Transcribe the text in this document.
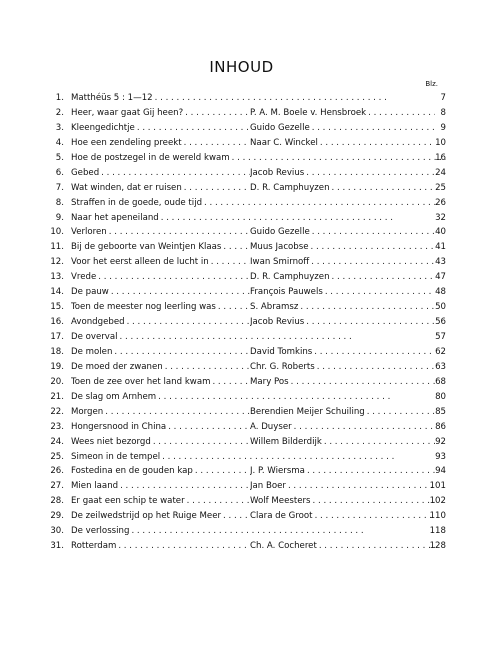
INHOUD
Blz.
1. Matthéüs 5 : 1—12 . . .	7
2. Heer, waar gaat Gij heen? . . .	P. A. M. Boele v. Hensbroek . . .	8
3. Kleengedichtje . . .	Guido Gezelle . . .	9
4. Hoe een zendeling preekt . . .	Naar C. Winckel . . .	10
5. Hoe de postzegel in de wereld kwam . . .	16
6. Gebed . . .	Jacob Revius . . .	24
7. Wat winden, dat er ruisen . . .	D. R. Camphuyzen . . .	25
8. Straffen in de goede, oude tijd . . .	26
9. Naar het apeneiland . . .	32
10. Verloren . . .	Guido Gezelle . . .	40
11. Bij de geboorte van Weintjen Klaas . . .	Muus Jacobse . . .	41
12. Voor het eerst alleen de lucht in . . .	Iwan Smirnoff . . .	43
13. Vrede . . .	D. R. Camphuyzen . . .	47
14. De pauw . . .	François Pauwels . . .	48
15. Toen de meester nog leerling was . . .	S. Abramsz . . .	50
16. Avondgebed . . .	Jacob Revius . . .	56
17. De overval . . .	57
18. De molen . . .	David Tomkins . . .	62
19. De moed der zwanen . . .	Chr. G. Roberts . . .	63
20. Toen de zee over het land kwam . . .	Mary Pos . . .	68
21. De slag om Arnhem . . .	80
22. Morgen . . .	Berendien Meijer Schuiling . . .	85
23. Hongersnood in China . . .	A. Duyser . . .	86
24. Wees niet bezorgd . . .	Willem Bilderdijk . . .	92
25. Simeon in de tempel . . .	93
26. Fostedina en de gouden kap . . .	J. P. Wiersma . . .	94
27. Mien laand . . .	Jan Boer . . .	101
28. Er gaat een schip te water . . .	Wolf Meesters . . .	102
29. De zeilwedstrijd op het Ruige Meer . . .	Clara de Groot . . .	110
30. De verlossing . . .	118
31. Rotterdam . . .	Ch. A. Cocheret . . .	128
